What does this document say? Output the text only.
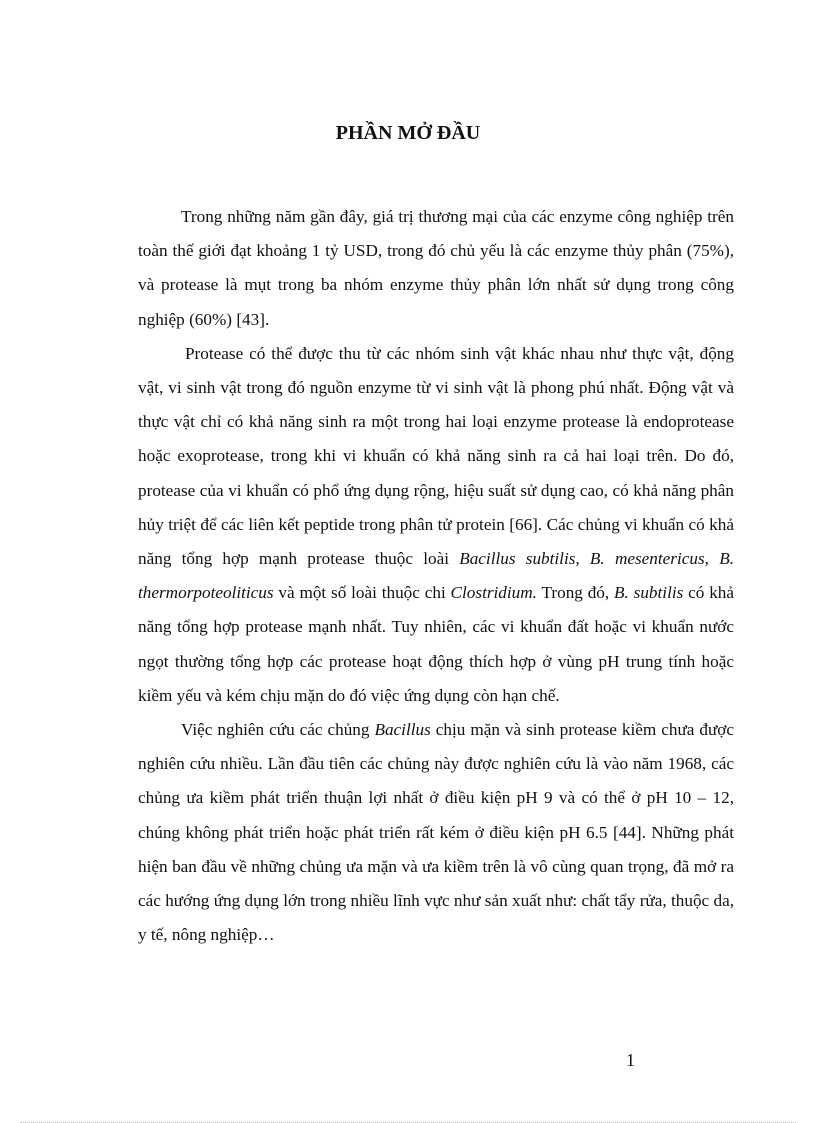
PHẦN MỞ ĐẦU

Trong những năm gần đây, giá trị thương mại của các enzyme công nghiệp trên toàn thế giới đạt khoảng 1 tỷ USD, trong đó chủ yếu là các enzyme thủy phân (75%), và protease là mụt trong ba nhóm enzyme thủy phân lớn nhất sử dụng trong công nghiệp (60%) [43].

Protease có thể được thu từ các nhóm sinh vật khác nhau như thực vật, động vật, vi sinh vật trong đó nguồn enzyme từ vi sinh vật là phong phú nhất. Động vật và thực vật chỉ có khả năng sinh ra một trong hai loại enzyme protease là endoprotease hoặc exoprotease, trong khi vi khuẩn có khả năng sinh ra cả hai loại trên. Do đó, protease của vi khuẩn có phổ ứng dụng rộng, hiệu suất sử dụng cao, có khả năng phân hủy triệt để các liên kết peptide trong phân tử protein [66]. Các chủng vi khuẩn có khả năng tổng hợp mạnh protease thuộc loài Bacillus subtilis, B. mesentericus, B. thermorpoteoliticus và một số loài thuộc chi Clostridium. Trong đó, B. subtilis có khả năng tổng hợp protease mạnh nhất. Tuy nhiên, các vi khuẩn đất hoặc vi khuẩn nước ngọt thường tổng hợp các protease hoạt động thích hợp ở vùng pH trung tính hoặc kiềm yếu và kém chịu mặn do đó việc ứng dụng còn hạn chế.

Việc nghiên cứu các chủng Bacillus chịu mặn và sinh protease kiềm chưa được nghiên cứu nhiều. Lần đầu tiên các chủng này được nghiên cứu là vào năm 1968, các chủng ưa kiềm phát triển thuận lợi nhất ở điều kiện pH 9 và có thể ở pH 10 – 12, chúng không phát triển hoặc phát triển rất kém ở điều kiện pH 6.5 [44]. Những phát hiện ban đầu về những chủng ưa mặn và ưa kiềm trên là vô cùng quan trọng, đã mở ra các hướng ứng dụng lớn trong nhiều lĩnh vực như sản xuất như: chất tẩy rửa, thuộc da, y tế, nông nghiệp…

1
